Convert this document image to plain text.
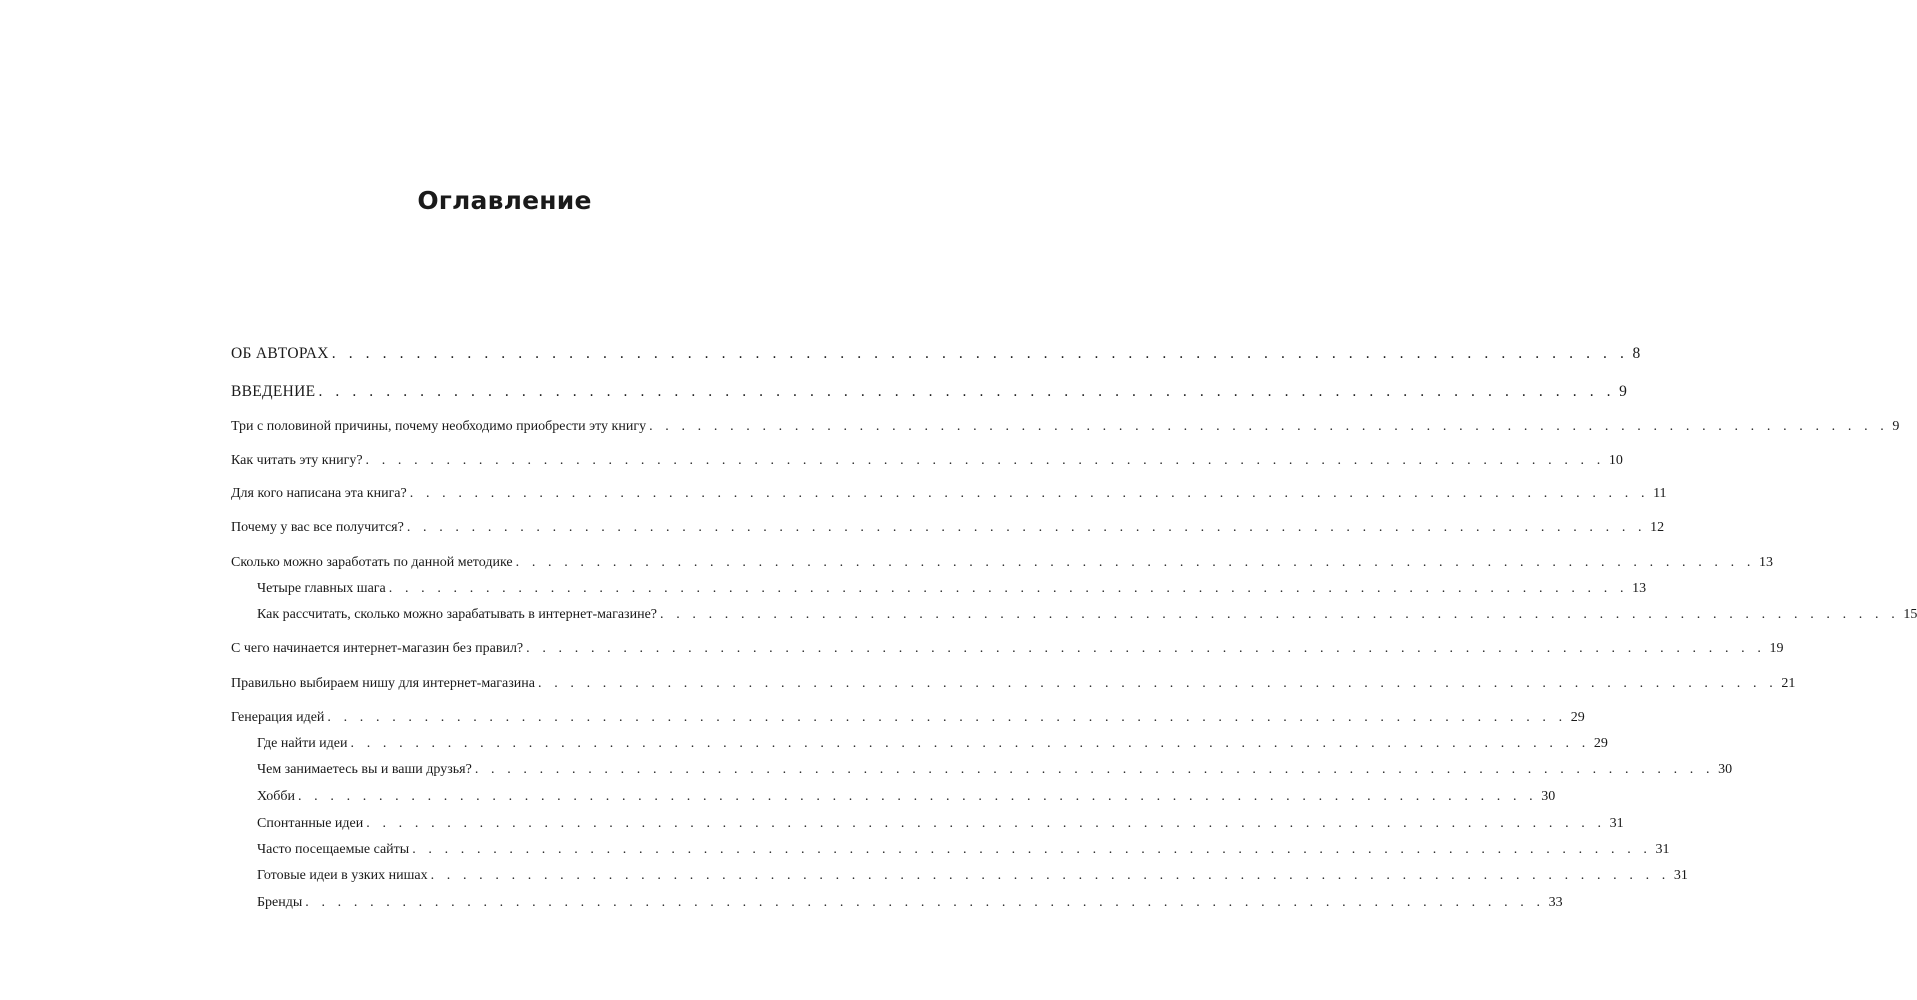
Оглавление
ОБ АВТОРАХ . . . . . . . . . . . . . . . . . . . . . . . . . . . . . . . . . . . . . . . . . . . . . . . . . . . . . . . . . . . . . . . . . . . . . . . . . . . . . 8
ВВЕДЕНИЕ . . . . . . . . . . . . . . . . . . . . . . . . . . . . . . . . . . . . . . . . . . . . . . . . . . . . . . . . . . . . . . . . . . . . . . . . . . . . . 9
Три с половиной причины, почему необходимо приобрести эту книгу . . . . . . . . . . . . . . . . . . . . . . . . . . . . . . . . . . . . . . . . . . . . . . . . . . . . . . . . . . . . . . . . . . . . . . . . . . . . . 9
Как читать эту книгу? . . . . . . . . . . . . . . . . . . . . . . . . . . . . . . . . . . . . . . . . . . . . . . . . . . . . . . . . . . . . . . . . . . . . . . . . . . . . . 10
Для кого написана эта книга? . . . . . . . . . . . . . . . . . . . . . . . . . . . . . . . . . . . . . . . . . . . . . . . . . . . . . . . . . . . . . . . . . . . . . . . . . . . . . 11
Почему у вас все получится? . . . . . . . . . . . . . . . . . . . . . . . . . . . . . . . . . . . . . . . . . . . . . . . . . . . . . . . . . . . . . . . . . . . . . . . . . . . . . 12
Сколько можно заработать по данной методике . . . . . . . . . . . . . . . . . . . . . . . . . . . . . . . . . . . . . . . . . . . . . . . . . . . . . . . . . . . . . . . . . . . . . . . . . . . . . 13
Четыре главных шага . . . . . . . . . . . . . . . . . . . . . . . . . . . . . . . . . . . . . . . . . . . . . . . . . . . . . . . . . . . . . . . . . . . . . . . . . . . . . 13
Как рассчитать, сколько можно зарабатывать в интернет-магазине? . . . . . . . . . . . . . . . . . . . . . . . . . . . . . . . . . . . . . . . . . . . . . . . . . . . . . . . . . . . . . . . . . . . . . . . . . . . . . 15
С чего начинается интернет-магазин без правил? . . . . . . . . . . . . . . . . . . . . . . . . . . . . . . . . . . . . . . . . . . . . . . . . . . . . . . . . . . . . . . . . . . . . . . . . . . . . . 19
Правильно выбираем нишу для интернет-магазина . . . . . . . . . . . . . . . . . . . . . . . . . . . . . . . . . . . . . . . . . . . . . . . . . . . . . . . . . . . . . . . . . . . . . . . . . . . . . 21
Генерация идей . . . . . . . . . . . . . . . . . . . . . . . . . . . . . . . . . . . . . . . . . . . . . . . . . . . . . . . . . . . . . . . . . . . . . . . . . . . . . 29
Где найти идеи . . . . . . . . . . . . . . . . . . . . . . . . . . . . . . . . . . . . . . . . . . . . . . . . . . . . . . . . . . . . . . . . . . . . . . . . . . . . . 29
Чем занимаетесь вы и ваши друзья? . . . . . . . . . . . . . . . . . . . . . . . . . . . . . . . . . . . . . . . . . . . . . . . . . . . . . . . . . . . . . . . . . . . . . . . . . . . . . 30
Хобби . . . . . . . . . . . . . . . . . . . . . . . . . . . . . . . . . . . . . . . . . . . . . . . . . . . . . . . . . . . . . . . . . . . . . . . . . . . . . 30
Спонтанные идеи . . . . . . . . . . . . . . . . . . . . . . . . . . . . . . . . . . . . . . . . . . . . . . . . . . . . . . . . . . . . . . . . . . . . . . . . . . . . . 31
Часто посещаемые сайты . . . . . . . . . . . . . . . . . . . . . . . . . . . . . . . . . . . . . . . . . . . . . . . . . . . . . . . . . . . . . . . . . . . . . . . . . . . . . 31
Готовые идеи в узких нишах . . . . . . . . . . . . . . . . . . . . . . . . . . . . . . . . . . . . . . . . . . . . . . . . . . . . . . . . . . . . . . . . . . . . . . . . . . . . . 31
Бренды . . . . . . . . . . . . . . . . . . . . . . . . . . . . . . . . . . . . . . . . . . . . . . . . . . . . . . . . . . . . . . . . . . . . . . . . . . . . . 33
